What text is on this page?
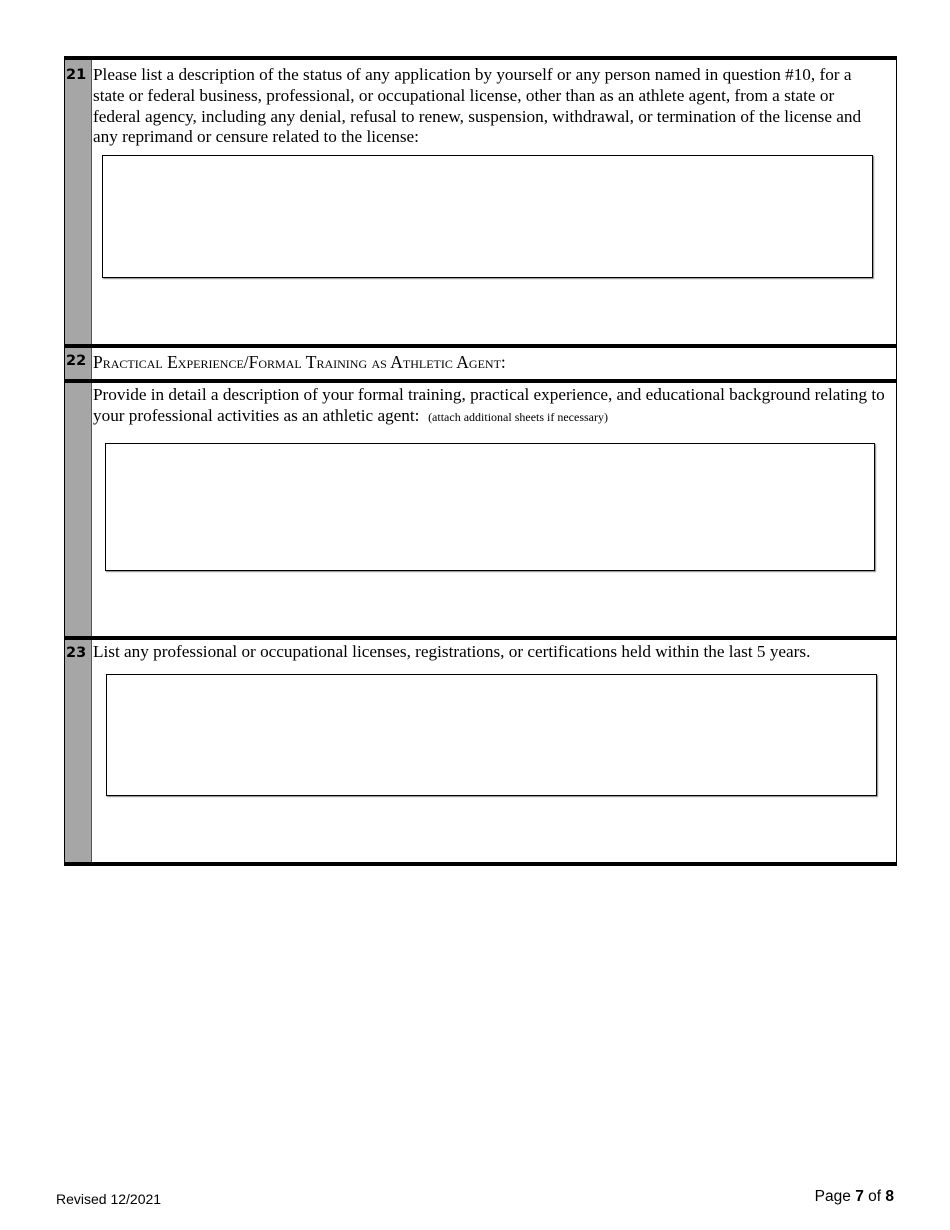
21 Please list a description of the status of any application by yourself or any person named in question #10, for a state or federal business, professional, or occupational license, other than as an athlete agent, from a state or federal agency, including any denial, refusal to renew, suspension, withdrawal, or termination of the license and any reprimand or censure related to the license:
22 Practical Experience/Formal Training as Athletic Agent:
Provide in detail a description of your formal training, practical experience, and educational background relating to your professional activities as an athletic agent: (attach additional sheets if necessary)
23 List any professional or occupational licenses, registrations, or certifications held within the last 5 years.
Revised 12/2021	Page 7 of 8
